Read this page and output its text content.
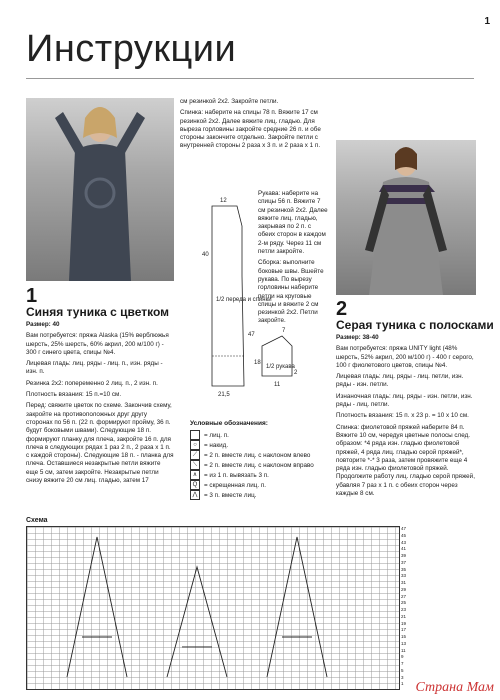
1
Инструкции
1
Синяя туника с цветком

Размер: 40

Вам потребуется: пряжа Alaska (15% верблюжья шерсть, 25% шерсть, 60% акрил, 200 м/100 г) - 300 г синего цвета, спицы №4.

Лицевая гладь: лиц. ряды - лиц. п., изн. ряды - изн. п.

Резинка 2х2: попеременно 2 лиц. п., 2 изн. п.

Плотность вязания: 15 п.=10 см.

Перед: свяжите цветок по схеме. Закончив схему, закройте на противоположных друг другу сторонах по 56 п. (22 п. формируют пройму, 36 п. будут боковыми швами). Следующие 18 п. формируют планку для плеча, закройте 16 п. для плеча в следующих рядах 1 раз 2 п., 2 раза х 1 п. с каждой стороны). Следующие 18 п. - планка для плеча. Оставшиеся незакрытые петли вяжите еще 5 см, затем закройте. Незакрытые петли снизу вяжите 20 см лиц. гладью, затем 17

см резинкой 2х2. Закройте петли.

Спинка: наберите на спицы 78 п. Вяжите 17 см резинкой 2х2. Далее вяжите лиц. гладью. Для выреза горловины закройте средние 26 п. и обе стороны закончите отдельно. Закройте петли с внутренней стороны 2 раза х 3 п. и 2 раза х 1 п.

Рукава: наберите на спицы 56 п. Вяжите 7 см резинкой 2х2. Далее вяжите лиц. гладью, закрывая по 2 п. с обеих сторон в каждом 2-м ряду. Через 11 см петли закройте.

Сборка: выполните боковые швы. Вшейте рукава. По вырезу горловины наберите петли на круговые спицы и вяжите 2 см резинкой 2х2. Петли закройте.

12
40
1/2 переда и спинки
1/2 рукава
47
21,5
7
18
11
2
Условные обозначения:
= лиц. п.
○	= накид.
⟋	= 2 п. вместе лиц. с наклоном влево
⟍	= 2 п. вместе лиц. с наклоном вправо
∧	= из 1 п. вывязать 3 п.
Q	= скрещенная лиц. п.
⋀	= 3 п. вместе лиц.
2
Серая туника с полосками

Размер: 38-40

Вам потребуется: пряжа UNITY light (48% шерсть, 52% акрил, 200 м/100 г) - 400 г серого, 100 г фиолетового цветов, спицы №4.

Лицевая гладь: лиц. ряды - лиц. петли, изн. ряды - изн. петли.

Изнаночная гладь: лиц. ряды - изн. петли, изн. ряды - лиц. петли.

Плотность вязания: 15 п. х 23 р. = 10 х 10 см.

Спинка: фиолетовой пряжей наберите 84 п. Вяжите 10 см, чередуя цветные полосы след. образом: *4 ряда изн. гладью фиолетовой пряжей, 4 ряда лиц. гладью серой пряжей*, повторите *-* 3 раза, затем провяжите еще 4 ряда изн. гладью фиолетовой пряжей. Продолжите работу лиц. гладью серой пряжей, убавляя 7 раз х 1 п. с обеих сторон через каждые 8 см.

Схема
47
45
43
41
39
37
35
33
31
29
27
25
23
21
19
17
15
13
11
9
7
5
3
1 Страна Мам
